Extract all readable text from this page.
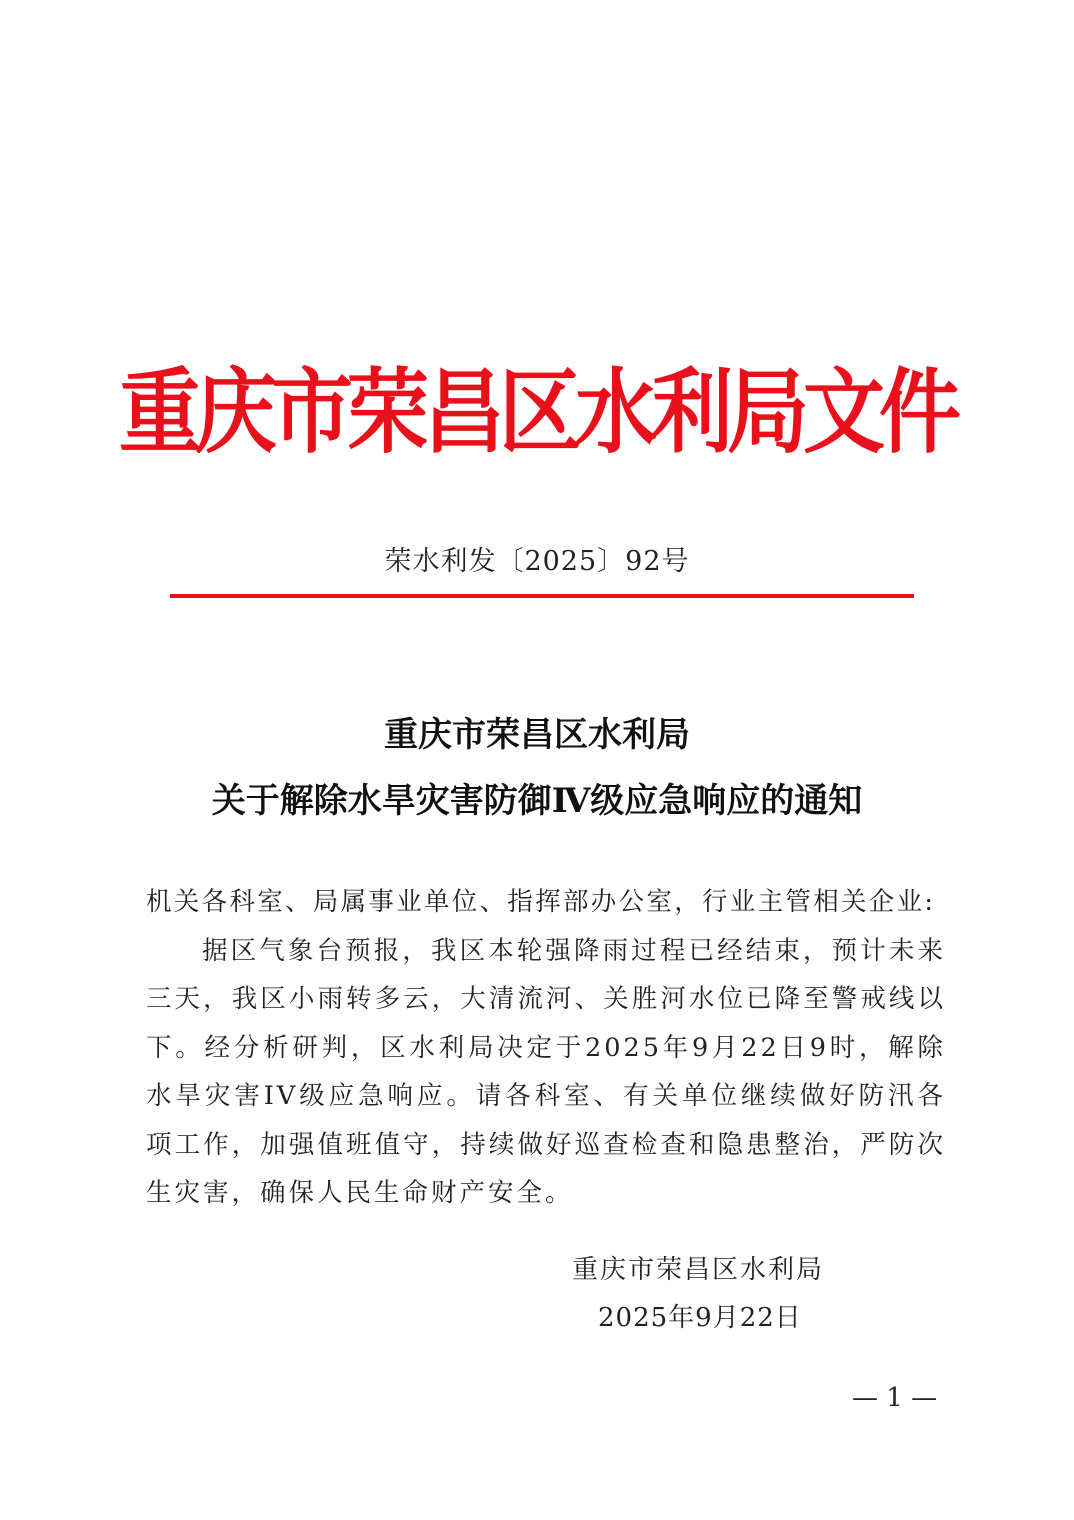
重庆市荣昌区水利局文件
荣水利发〔2025〕92号
重庆市荣昌区水利局
关于解除水旱灾害防御Ⅳ级应急响应的通知

机关各科室、局属事业单位、指挥部办公室，行业主管相关企业:

据区气象台预报，我区本轮强降雨过程已经结束，预计未来三天，我区小雨转多云，大清流河、关胜河水位已降至警戒线以下。经分析研判，区水利局决定于2025年9月22日9时，解除水旱灾害IV级应急响应。请各科室、有关单位继续做好防汛各项工作，加强值班值守，持续做好巡查检查和隐患整治，严防次生灾害，确保人民生命财产安全。

重庆市荣昌区水利局
2025年9月22日
— 1 —
